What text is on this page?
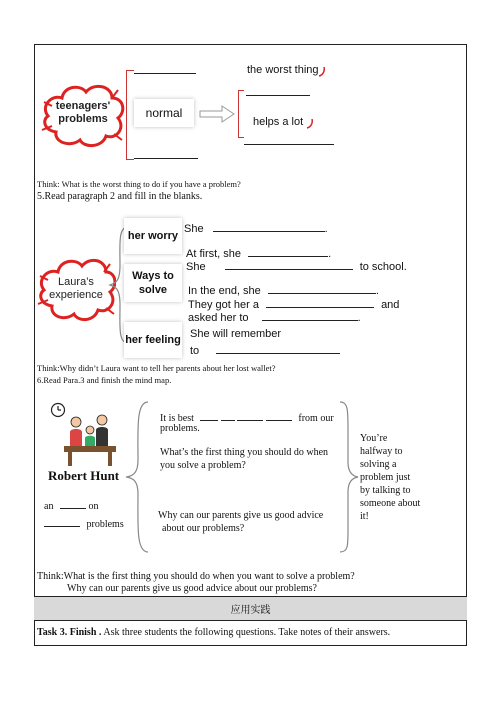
teenagers' problems	normal
the worst thing
helps a lot
Think: What is the worst thing to do if you have a problem?
5.Read paragraph 2 and fill in the blanks.
Laura’s experience
her worry
Ways to solve
her feeling
She	.
At first, she	.
She	to school.
In the end, she	.
They got her a	and
asked her to	.
She will remember
to
Think:Why didn’t Laura want to tell her parents about her lost wallet?
6.Read Para.3 and finish the mind map.
Robert Hunt
an	on
problems
It is best	from our
problems.
What’s the first thing you should do when
you solve a problem?
Why can our parents give us good advice
about our problems?
You’re
halfway to
solving a
problem just
by talking to
someone about
it!
Think:What is the first thing you should do when you want to solve a problem?
Why can our parents give us good advice about our problems?
应用实践
Task 3. Finish . Ask three students the following questions. Take notes of their answers.
